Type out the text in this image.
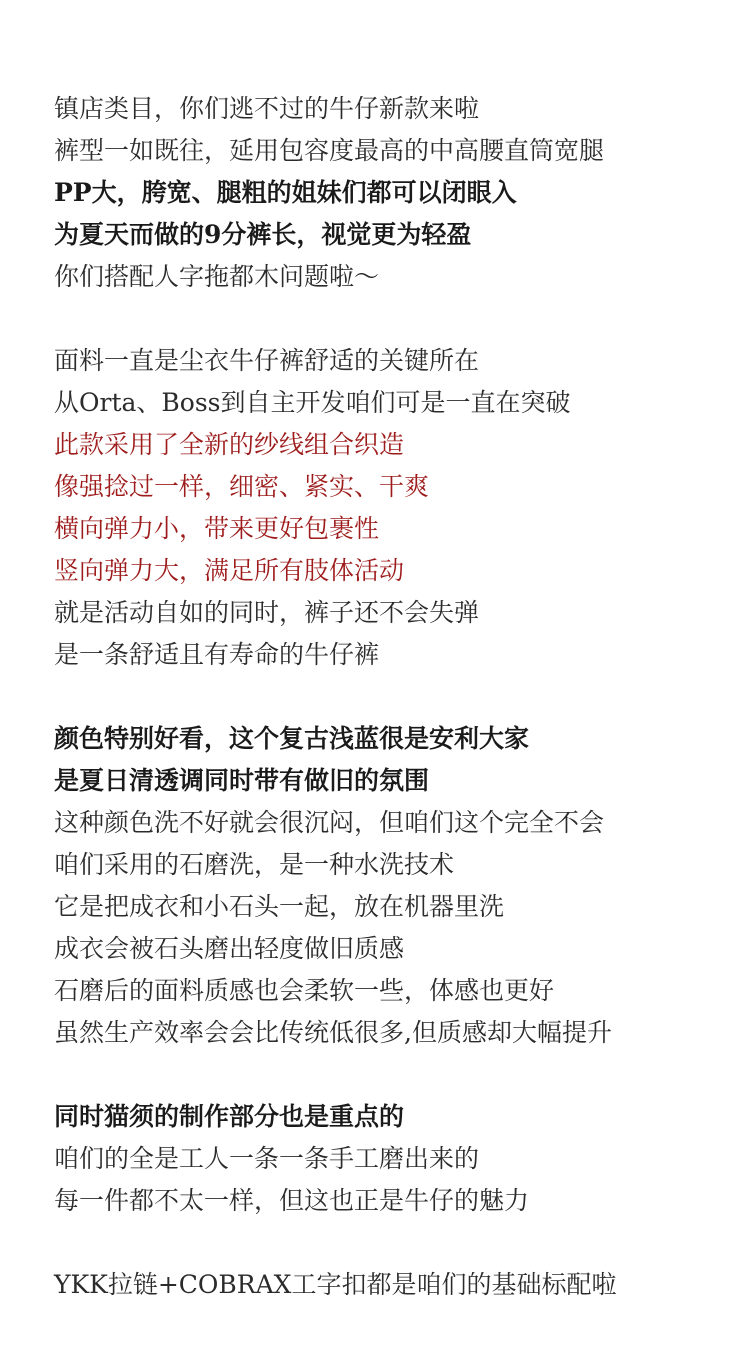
镇店类目，你们逃不过的牛仔新款来啦
裤型一如既往，延用包容度最高的中高腰直筒宽腿
PP大，胯宽、腿粗的姐妹们都可以闭眼入
为夏天而做的9分裤长，视觉更为轻盈
你们搭配人字拖都木问题啦～
面料一直是尘衣牛仔裤舒适的关键所在
从Orta、Boss到自主开发咱们可是一直在突破
此款采用了全新的纱线组合织造
像强捻过一样，细密、紧实、干爽
横向弹力小，带来更好包裹性
竖向弹力大，满足所有肢体活动
就是活动自如的同时，裤子还不会失弹
是一条舒适且有寿命的牛仔裤
颜色特别好看，这个复古浅蓝很是安利大家
是夏日清透调同时带有做旧的氛围
这种颜色洗不好就会很沉闷，但咱们这个完全不会
咱们采用的石磨洗，是一种水洗技术
它是把成衣和小石头一起，放在机器里洗
成衣会被石头磨出轻度做旧质感
石磨后的面料质感也会柔软一些，体感也更好
虽然生产效率会会比传统低很多,但质感却大幅提升
同时猫须的制作部分也是重点的
咱们的全是工人一条一条手工磨出来的
每一件都不太一样，但这也正是牛仔的魅力
YKK拉链+COBRAX工字扣都是咱们的基础标配啦
